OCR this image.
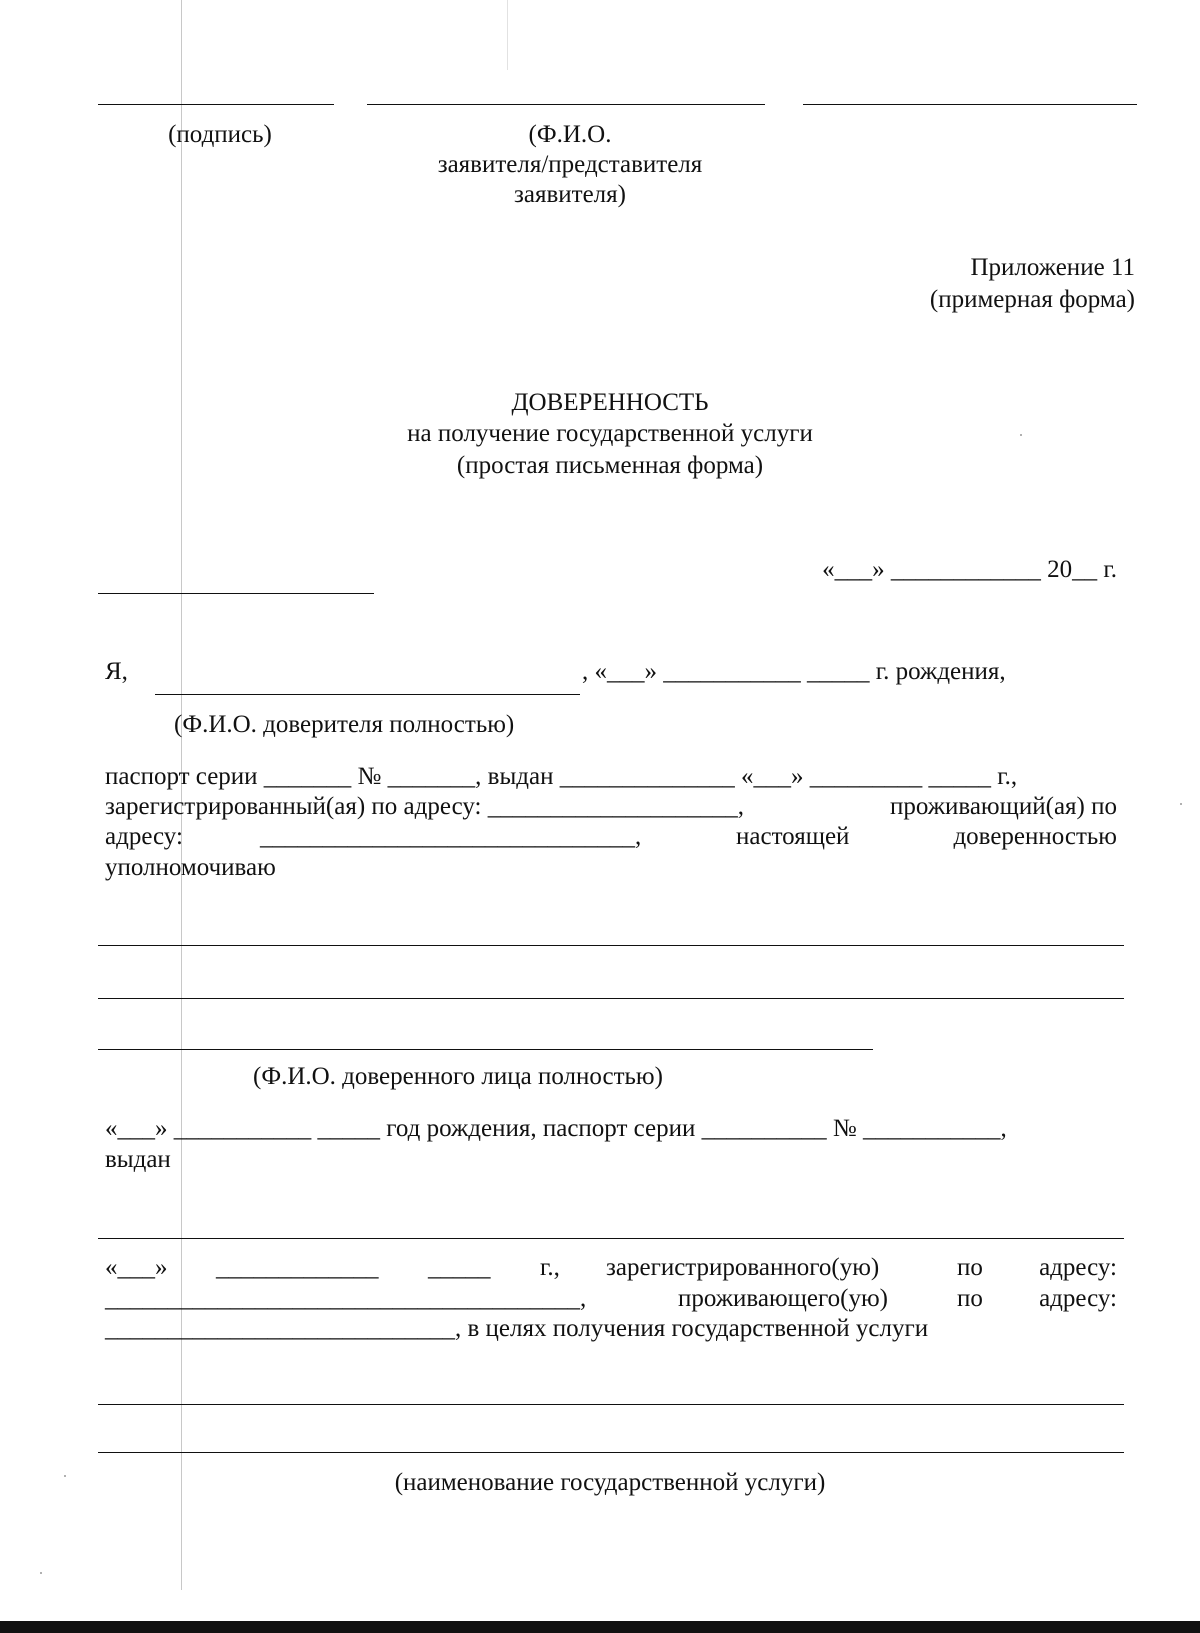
(подпись)	(Ф.И.О.
заявителя/представителя
заявителя)
Приложение 11
(примерная форма)
ДОВЕРЕННОСТЬ
на получение государственной услуги
(простая письменная форма)
«___» ____________ 20__ г.
Я,	, «___» ___________ _____ г. рождения,
(Ф.И.О. доверителя полностью)
паспорт серии _______ № _______, выдан ______________ «___» _________ _____ г.,
зарегистрированный(ая) по адресу: ____________________,	проживающий(ая) по
адресу:	______________________________,	настоящей	доверенностью
уполномочиваю
(Ф.И.О. доверенного лица полностью)
«___» ___________ _____ год рождения, паспорт серии __________ № ___________,
выдан
«___» _____________ _____ г., зарегистрированного(ую)	по	адресу:
______________________________________,	проживающего(ую)	по	адресу:
____________________________, в целях получения государственной услуги
(наименование государственной услуги)
